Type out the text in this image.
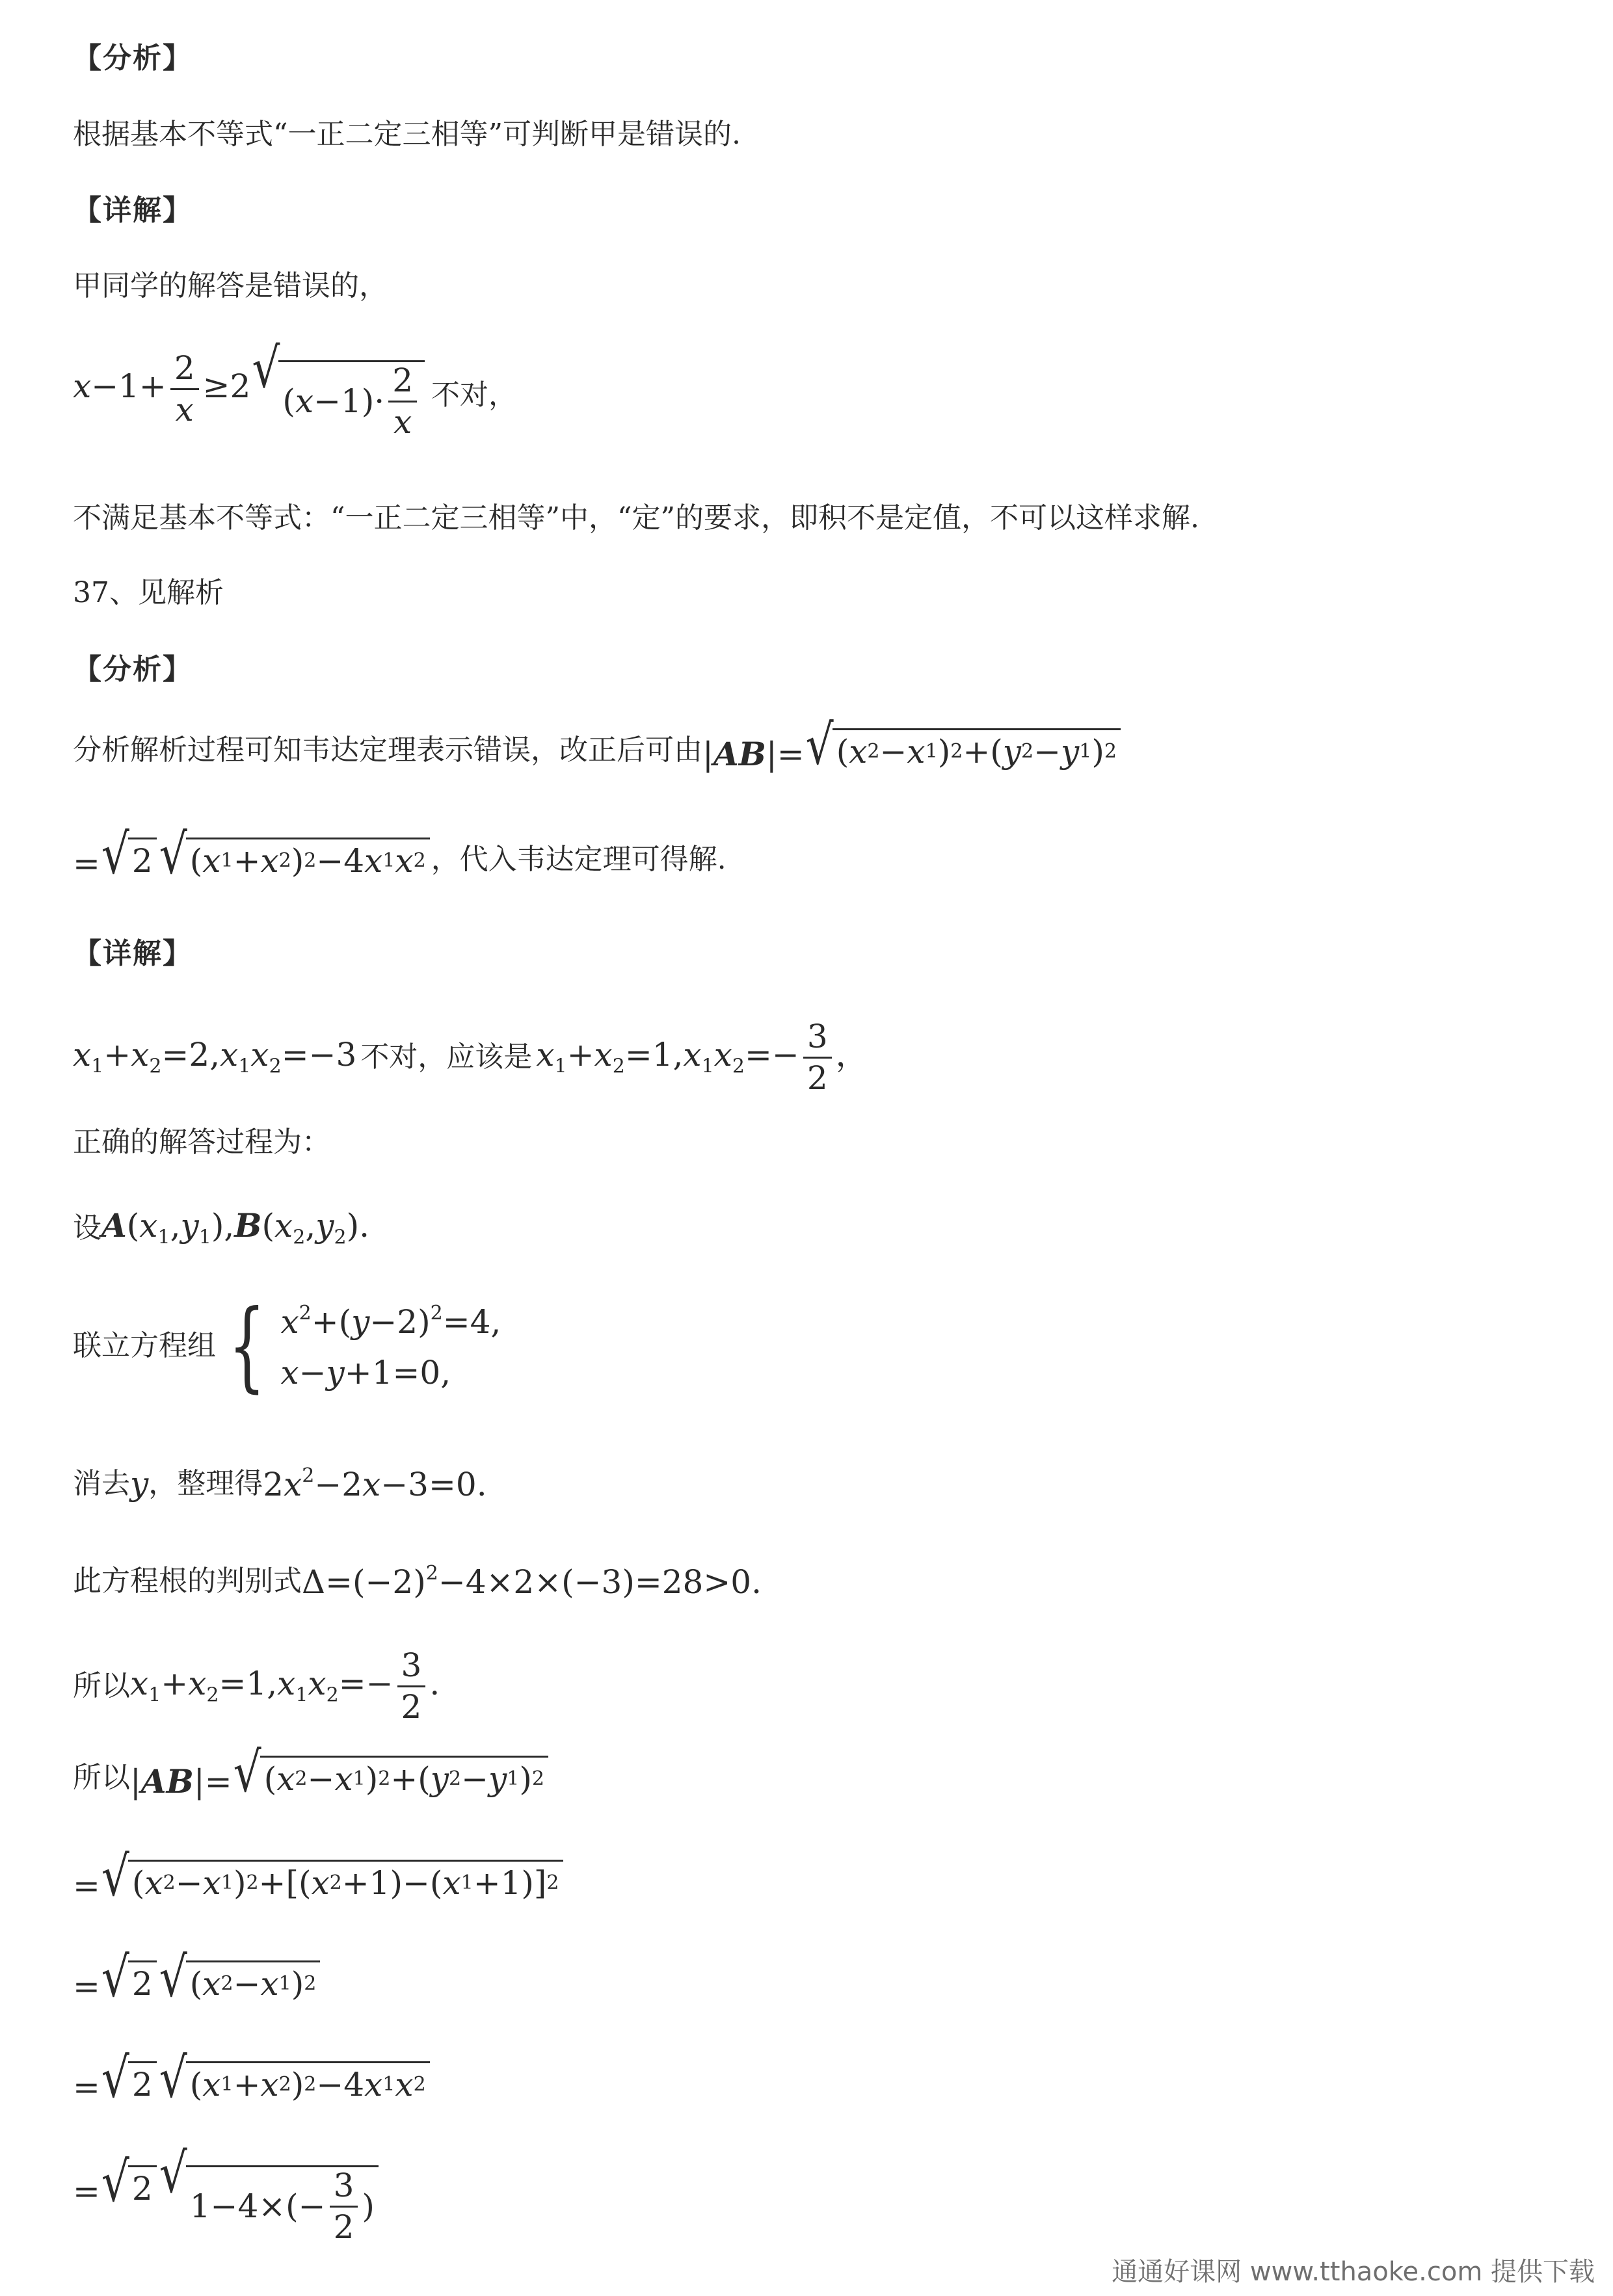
【分析】
根据基本不等式“一正二定三相等”可判断甲是错误的.
【详解】
甲同学的解答是错误的，
$x-1+ \frac{2}{x} \ge 2$ √
( $x -1)\cdot \frac{2}{x}$ 不对，
不满足基本不等式：“一正二定三相等”中，“定”的要求，即积不是定值，不可以这样求解.
37、见解析
【分析】
分析解析过程可知韦达定理表示错误，改正后可由 |AB|= √ ( x 2 − x 1 ) 2 +( y 2 − y 1 ) 2
= √ 2 √ ( x 1 + x 2 ) 2 −4 x 1 x 2 ，代入韦达定理可得解.
【详解】
$x_1+x_2=2,x_1x_2=-3$ 不对，应该是 $x_1+x_2=1,x_1x_2=- \frac{3}{2}$ ，
正确的解答过程为：
设 $A(x_1,y_1),B(x_2,y_2)$.
联立方程组 { $x^2+(y-2)^2=4$,
x−y+1=0,
消去 y ，整理得 $2x^2-2x-3=0$.
此方程根的判别式 $\Delta=(-2)^2-4\times 2\times(-3)=28>0$.
所以 $x_1+x_2=1,x_1x_2=- \frac{3}{2}$ .
所以 |AB|= √ ( x 2 − x 1 ) 2 +( y 2 − y 1 ) 2
= √ ( x 2 − x 1 ) 2 +[( x 2 +1)−( x 1 +1)] 2
= √ 2 √ ( x 2 − x 1 ) 2
= √ 2 √ ( x 1 + x 2 ) 2 −4 x 1 x 2
= √ 2 √
$1-4\times(- \frac{3}{2}$ )
通通好课网 www.tthaoke.com 提供下载
